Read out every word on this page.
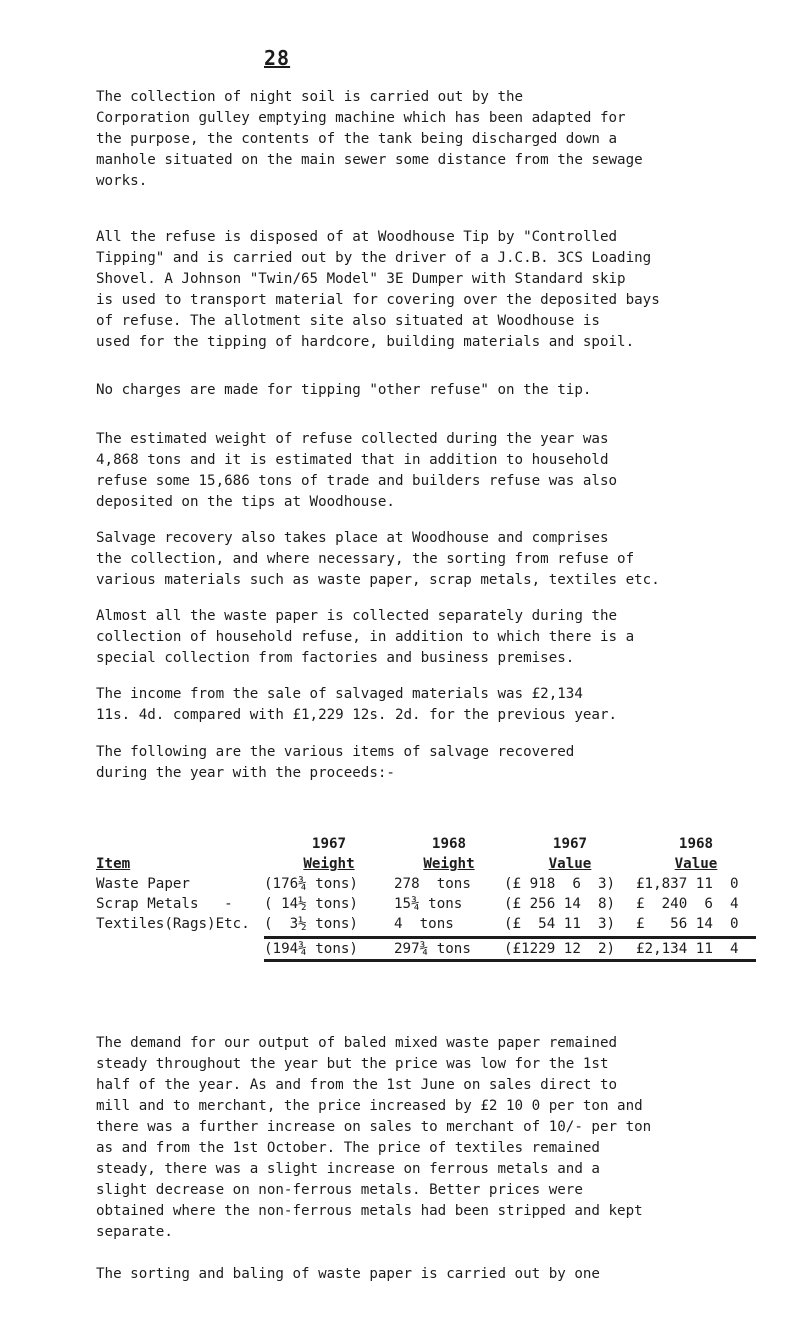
28

The collection of night soil is carried out by the
Corporation gulley emptying machine which has been adapted for
the purpose, the contents of the tank being discharged down a
manhole situated on the main sewer some distance from the sewage
works.

All the refuse is disposed of at Woodhouse Tip by "Controlled
Tipping" and is carried out by the driver of a J.C.B. 3CS Loading
Shovel. A Johnson "Twin/65 Model" 3E Dumper with Standard skip
is used to transport material for covering over the deposited bays
of refuse. The allotment site also situated at Woodhouse is
used for the tipping of hardcore, building materials and spoil.

No charges are made for tipping "other refuse" on the tip.

The estimated weight of refuse collected during the year was
4,868 tons and it is estimated that in addition to household
refuse some 15,686 tons of trade and builders refuse was also
deposited on the tips at Woodhouse.

Salvage recovery also takes place at Woodhouse and comprises
the collection, and where necessary, the sorting from refuse of
various materials such as waste paper, scrap metals, textiles etc.

Almost all the waste paper is collected separately during the
collection of household refuse, in addition to which there is a
special collection from factories and business premises.

The income from the sale of salvaged materials was £2,134
11s. 4d. compared with £1,229 12s. 2d. for the previous year.

The following are the various items of salvage recovered
during the year with the proceeds:-

	1967	1968	1967	1968
Item	Weight	Weight	Value	Value
Waste Paper	(176¾ tons)	278  tons	(£ 918  6  3)	£1,837 11  0
Scrap Metals   -	( 14½ tons)	15¾ tons	(£ 256 14  8)	£  240  6  4
Textiles(Rags)Etc.	(  3½ tons)	4  tons	(£  54 11  3)	£   56 14  0

	(194¾ tons)	297¾ tons	(£1229 12  2)	£2,134 11  4

The demand for our output of baled mixed waste paper remained
steady throughout the year but the price was low for the 1st
half of the year. As and from the 1st June on sales direct to
mill and to merchant, the price increased by £2 10 0 per ton and
there was a further increase on sales to merchant of 10/- per ton
as and from the 1st October. The price of textiles remained
steady, there was a slight increase on ferrous metals and a
slight decrease on non-ferrous metals. Better prices were
obtained where the non-ferrous metals had been stripped and kept
separate.

The sorting and baling of waste paper is carried out by one
